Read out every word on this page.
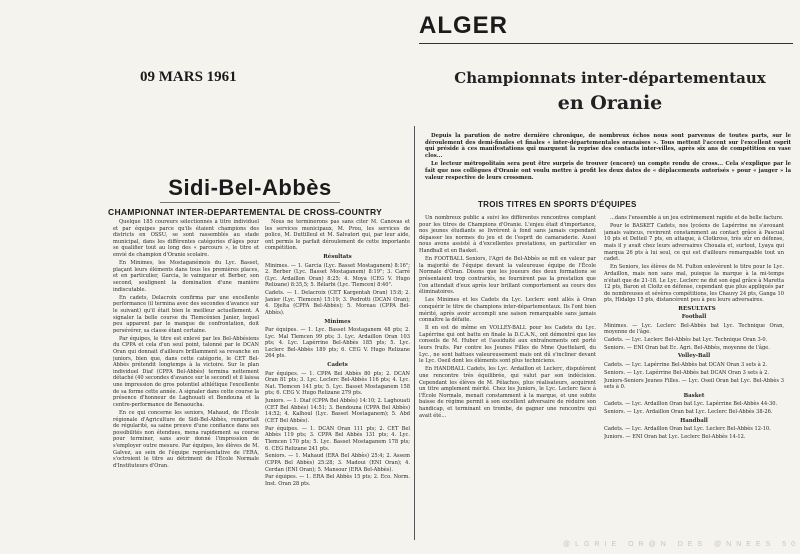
ALGER
09 MARS 1961	Championnats inter-départementaux
en Oranie

Depuis la parution de notre dernière chronique, de nombreux échos nous sont parvenus de toutes parts, sur le déroulement des demi-finales et finales « inter-départementales oranaises ». Tous mettent l'accent sur l'excellent esprit qui préside à ces manifestations qui marquent la reprise des contacts inter-villes, après six ans de compétition en vase clos...

Le lecteur métropolitain sera peut être surpris de trouver (encore) un compte rendu de cross... Cela s'explique par le fait que nos collègues d'Oranie ont voulu mettre à profit les deux dates de « déplacements autorisés » pour « jauger » la valeur respective de leurs crossmen.

Sidi-Bel-Abbès
CHAMPIONNAT INTER-DEPARTEMENTAL DE CROSS-COUNTRY
TROIS TITRES EN SPORTS D'ÉQUIPES

Quelque 185 coureurs sélectionnés à titre individuel et par équipes parce qu'ils étaient champions des districts en OSSU, se sont rassemblés au stade municipal, dans les différentes catégories d'âges pour se qualifier tout au long des « parcours », le titre et envié de champion d'Oranie scolaire.

En Minimes, les Mostaganémois du Lyc. Basset, plaçant leurs éléments dans tous les premières places, et en particulier, Garcia, le vainqueur et Berber, son second, soulignent la domination d'une manière indiscutable.

En cadets, Delacroix confirma par une excellente performance (il termina avec des secondes d'avance sur le suivant) qu'il était bien le meilleur actuellement. A signaler la belle course du Tlemcénien Janier, lequel peu apparent par le manque de confrontation, doit persévérer, sa classe étant certaine.

Par équipes, le titre est enlevé par les Bel-Abbésiens du CPPA et cela d'un seul point, talonné par le DCAN Oran qui donnait d'ailleurs brillamment sa revanche en juniors, bien que, dans cette catégorie, le CET Bel-Abbès prétendit longtemps à la victoire. Sur le plan individuel Diaf (CPFA Bel-Abbès) termina nettement détaché (40 secondes d'avance sur le second) et il laissa une impression de gros potentiel athlétique l'excellente de sa forme cette année. A signaler dans cette course la présence d'honneur de Laghouati et Bendouna et la centre-performance de Benaoucha.

En ce qui concerne les seniors, Mahaud, de l'École régionale d'Agriculture de Sidi-Bel-Abbès, remportait de régularité, sa saine preuve d'une confiance dans ses possibilités non étendues, mena rapidement sa course pour terminer, sans avoir donné l'impression de s'employer outre mesure. Par équipes, les élèves de M. Galvez, au sein de l'équipe représentative de l'ERA, s'octroient le titre au détriment de l'École Normale d'Instituteurs d'Oran.

Nous ne terminerons pas sans citer M. Canovas et les services municipaux, M. Prou, les services de police, M. Duttilleul et M. Salvatori qui, par leur aide, ont permis le parfait déroulement de cette importante compétition.

Résultats

Minimes. — 1. Garcia (Lyc. Basset Mostaganem) 8:16"; 2. Berber (Lyc. Basset Mostaganem) 8:19"; 3. Carré (Lyc. Ardaillon Oran) 8:25; 4. Moya (CEG V. Hugo Relizane) 8:35,5; 5. Bélarbi (Lyc. Tlemcen) 8:40".

Cadets. — 1. Delacroix (CET Kargentah Oran) 15:8; 2. Janier (Lyc. Tlemcen) 15:19; 3. Pedrotti (DCAN Oran); 4. Djelta (CPFA Bel-Abbès); 5. Moreau (CPPA Bel-Abbès).

Minimes

Par équipes. — 1. Lyc. Basset Mostaganem 48 pts; 2. Lyc. Mal Tlemcen 99 pts; 3. Lyc. Ardaillon Oran 103 pts; 4. Lyc. Lapérrine Bel-Abbès 185 pts; 5. Lyc. Leclerc Bel-Abbès 189 pts; 6. CEG V. Hugo Relizane 264 pts.

Cadets

Par équipes. — 1. CPPA Bel Abbès 80 pts; 2. DCAN Oran 81 pts; 3. Lyc. Leclerc Bel-Abbès 116 pts; 4. Lyc. Nat. Tlemcen 141 pts; 5. Lyc. Basset Mostaganem 158 pts; 6. CEG V. Hugo Relizane 279 pts.

Juniors. — 1. Diaf (CPPA Bel Abbès) 14:10; 2. Laghouati (CET Bel Abbès) 14:51; 3. Bendouna (CPPA Bel Abbès) 14:52; 4. Kalhoul (Lyc. Basset Mostaganem); 5. Abd (CET Bel Abbès).

Par équipes. — 1. DCAN Oran 111 pts; 2. CET Bel Abbès 119 pts; 3. CPPA Bel Abbès 131 pts; 4. Lyc. Tlemcen 170 pts; 5. Lyc. Basset Mostaganem 178 pts; 6. CEG Relizane 241 pts.

Seniors. — 1. Mahaud (ERA Bel Abbès) 25:4; 2. Assem (CPPA Bel Abbès) 25:28; 3. Madoui (ENI Oran); 4. Cerdan (ENI Oran); 5. Mansour (ERA Bel-Abbès).

Par équipes. — 1. ERA Bel Abbès 15 pts; 2. Eco. Norm. Inst. Oran 28 pts.

Un nombreux public a suivi les différentes rencontres comptant pour les titres de Champions d'Oranie. L'enjeu était d'importance, nos jeunes étudiants se livrèrent à fond sans jamais cependant dépasser les normes du jeu et de l'esprit de camaraderie. Aussi nous avons assisté à d'excellentes prestations, en particulier en Handball et en Basket.

En FOOTBALL Seniors, l'Agri de Bel-Abbès se mit en valeur par la majorité de l'équipe devant la valeureuse équipe de l'École Normale d'Oran. Disons que les joueurs des deux formations se présentaient trop contrariés, ne fournirent pas la prestation que l'on attendait d'eux après leur brillant comportement au cours des éliminatoires.

Les Minimes et les Cadets du Lyc. Leclerc sont allés à Oran conquérir le titre de champions inter-départementaux. Ils l'ont bien mérité, après avoir accompli une saison remarquable sans jamais connaître la défaite.

Il en est de même en VOLLEY-BALL pour les Cadets du Lyc. Lapérrine qui ont battu en finale la D.C.A.N., ont démontré que les conseils de M. Huber et l'assiduité aux entraînements ont porté leurs fruits. Par contre les Jeunes Filles de Mme Quettelard, du Lyc., ne sont battues valeureusement mais ont dû s'incliner devant le Lyc. Oseil dont les éléments sont plus techniciens.

En HANDBALL Cadets, les Lyc. Ardaillon et Leclerc, disputèrent une rencontre très équilibrée, qui valut par son indécision. Cependant les élèves de M. Pélachos, plus réalisateurs, acquirent un titre amplement mérité. Chez les Juniors, le Lyc. Leclerc face à l'École Normale, menait constamment à la marque, et une subite baisse de régime permit à son excellent adversaire de réduire son handicap, et terminant en trombe, de gagner une rencontre qui avait été...

...dans l'ensemble à un jeu extrêmement rapide et de belle facture.

Pour le BASKET Cadets, nos lycéens de Lapérrine ne s'avouant jamais vaincus, revinrent constamment au contact grâce à Pascual 10 pts et Delteil 7 pts, en attaque, à Clotkross, très sûr en défense, mais il y avait chez leurs adversaires Chouaïa et, surtout, Lyaya qui marqua 26 pts à lui seul, ce qui est d'ailleurs remarquable tout un cadet.

En Seniors, les élèves de M. Fulton enlevèrent le titre pour le Lyc. Ardaillon, mais non sans mal, puisque la marque à la mi-temps n'était que de 21-18. Le Lyc. Leclerc ne dut son égal grâce à Maretta 12 pts, Baron et Cloitz en défense, cependant que plus appliqués par de nombreuses et sévères compétitions, les Chauvy 24 pts, Ganga 10 pts, Hidalgo 15 pts, distancèrent peu à peu leurs adversaires.

RESULTATS

Football

Minimes. — Lyc. Leclerc Bel-Abbès bat Lyc. Technique Oran, moyenne de l'âge.

Cadets. — Lyc. Leclerc Bel-Abbès bat Lyc. Technique Oran 3-0.

Seniors. — ENI Oran bat Ec. Agri. Bel-Abbès, moyenne de l'âge.

Volley-Ball

Cadets. — Lyc. Lapérrine Bel-Abbès bat DCAN Oran 3 sets à 2.

Seniors. — Lyc. Lapérrine Bel-Abbès bat DCAN Oran 3 sets à 2.

Juniors-Seniors Jeunes Filles. — Lyc. Oseil Oran bat Lyc. Bel-Abbès 3 sets à 0.

Basket

Cadets. — Lyc. Ardaillon Oran bat Lyc. Lapérrine Bel-Abbès 44-30.

Seniors. — Lyc. Ardaillon Oran bat Lyc. Leclerc Bel-Abbès 38-26.

Handball

Cadets. — Lyc. Ardaillon Oran bat Lyc. Leclerc Bel-Abbès 12-10.

Juniors. — ENI Oran bat Lyc. Leclerc Bel-Abbès 14-12.

@LGRIE OR@N DES @NNEES 50
